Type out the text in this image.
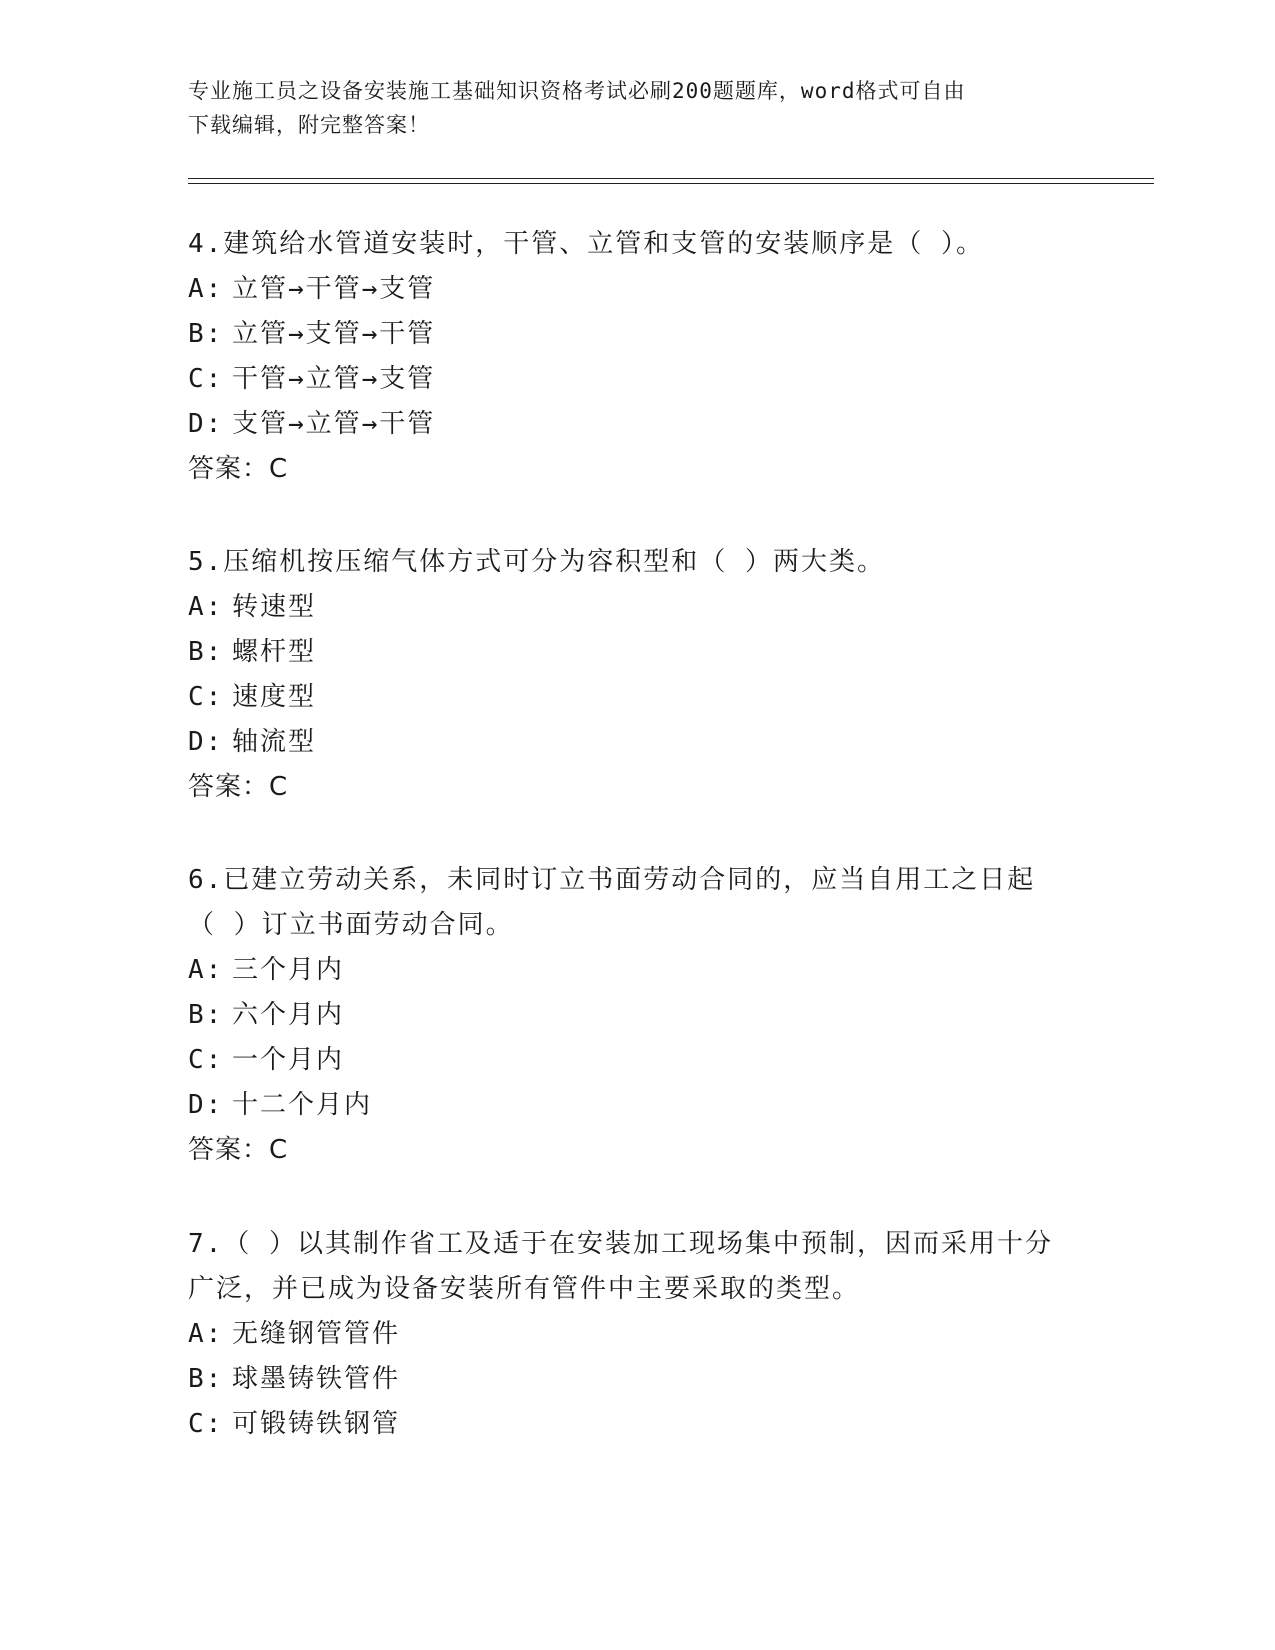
专业施工员之设备安装施工基础知识资格考试必刷200题题库，word格式可自由
下载编辑，附完整答案！

4.建筑给水管道安装时，干管、立管和支管的安装顺序是（ ）。

A: 立管→干管→支管

B: 立管→支管→干管

C: 干管→立管→支管

D: 支管→立管→干管

答案：C

5.压缩机按压缩气体方式可分为容积型和（ ）两大类。

A: 转速型

B: 螺杆型

C: 速度型

D: 轴流型

答案：C

6.已建立劳动关系，未同时订立书面劳动合同的，应当自用工之日起

（ ）订立书面劳动合同。

A: 三个月内

B: 六个月内

C: 一个月内

D: 十二个月内

答案：C

7.（ ）以其制作省工及适于在安装加工现场集中预制，因而采用十分

广泛，并已成为设备安装所有管件中主要采取的类型。

A: 无缝钢管管件

B: 球墨铸铁管件

C: 可锻铸铁钢管
